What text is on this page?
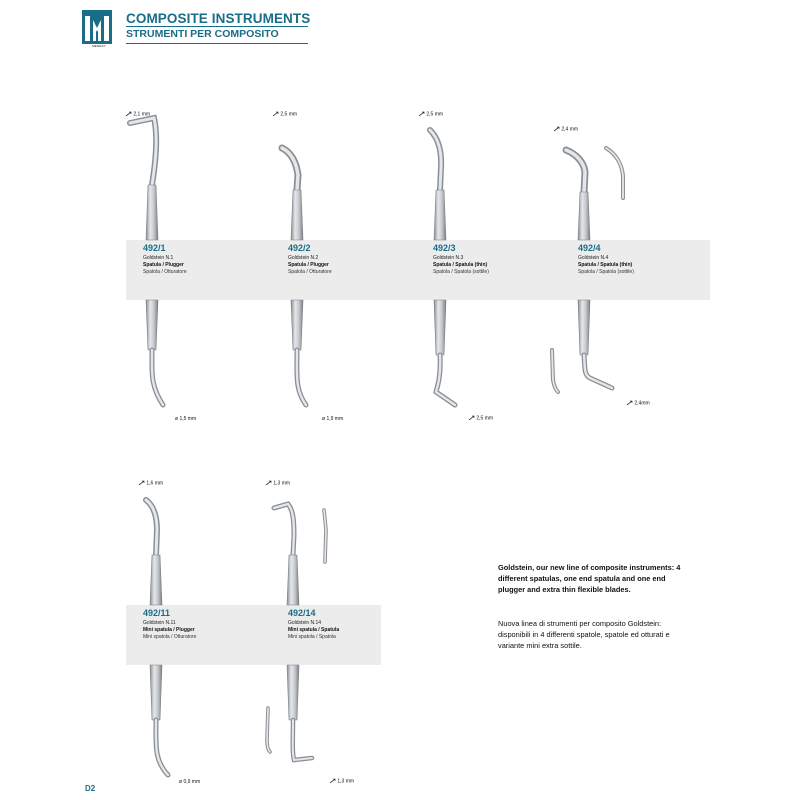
MEDESY
COMPOSITE INSTRUMENTS
STRUMENTI PER COMPOSITO
2,1 mm	2,5 mm	2,5 mm
2,4 mm
ø 1,5 mm	ø 1,9 mm	2,5 mm
2,4mm
1,6 mm	1,3 mm
ø 0,9 mm	1,3 mm
492/1
Goldstein N.1
Spatula / Plugger
Spatola / Otturatore
492/2
Goldstein N.2
Spatula / Plugger
Spatola / Otturatore
492/3
Goldstein N.3
Spatula / Spatula (thin)
Spatola / Spatola (sottile)
492/4
Goldstein N.4
Spatula / Spatula (thin)
Spatola / Spatola (sottile)
492/11
Goldstein N.11
Mini spatula / Plugger
Mini spatola / Otturatore
492/14
Goldstein N.14
Mini spatula / Spatula
Mini spatola / Spatola
Goldstein, our new line of composite instruments: 4 different spatulas, one end spatula and one end plugger and extra thin flexible blades.
Nuova linea di strumenti per composito Goldstein: disponibili in 4 differenti spatole, spatole ed otturati e variante mini extra sottile.
D2
